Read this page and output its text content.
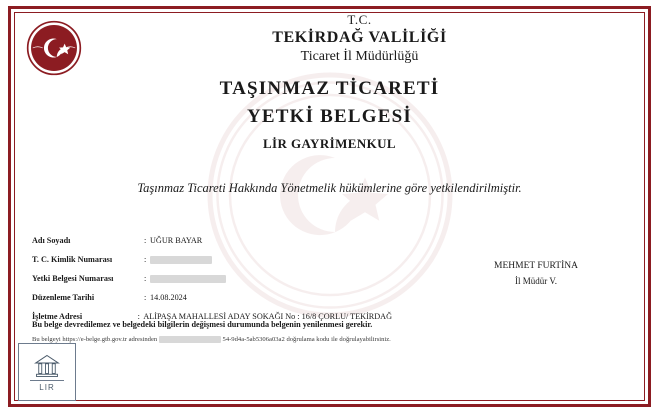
T.C.
TEKİRDAĞ VALİLİĞİ
Ticaret İl Müdürlüğü
TAŞINMAZ TİCARETİ
YETKİ BELGESİ
LİR GAYRİMENKUL
Taşınmaz Ticareti Hakkında Yönetmelik hükümlerine göre yetkilendirilmiştir.
Adı Soyadı	: UĞUR BAYAR
T. C. Kimlik Numarası	:
Yetki Belgesi Numarası	:
Düzenleme Tarihi	: 14.08.2024
İşletme Adresi	: ALİPAŞA MAHALLESİ ADAY SOKAĞI No : 16/8 ÇORLU/ TEKİRDAĞ
Bu belge devredilemez ve belgedeki bilgilerin değişmesi durumunda belgenin yenilenmesi gerekir.
Bu belgeyi https://e-belge.gtb.gov.tr adresinden	54-9d4a-5ab5306a03a2 doğrulama kodu ile doğrulayabilirsiniz.
MEHMET FURTİNA
İl Müdür V.
LIR
